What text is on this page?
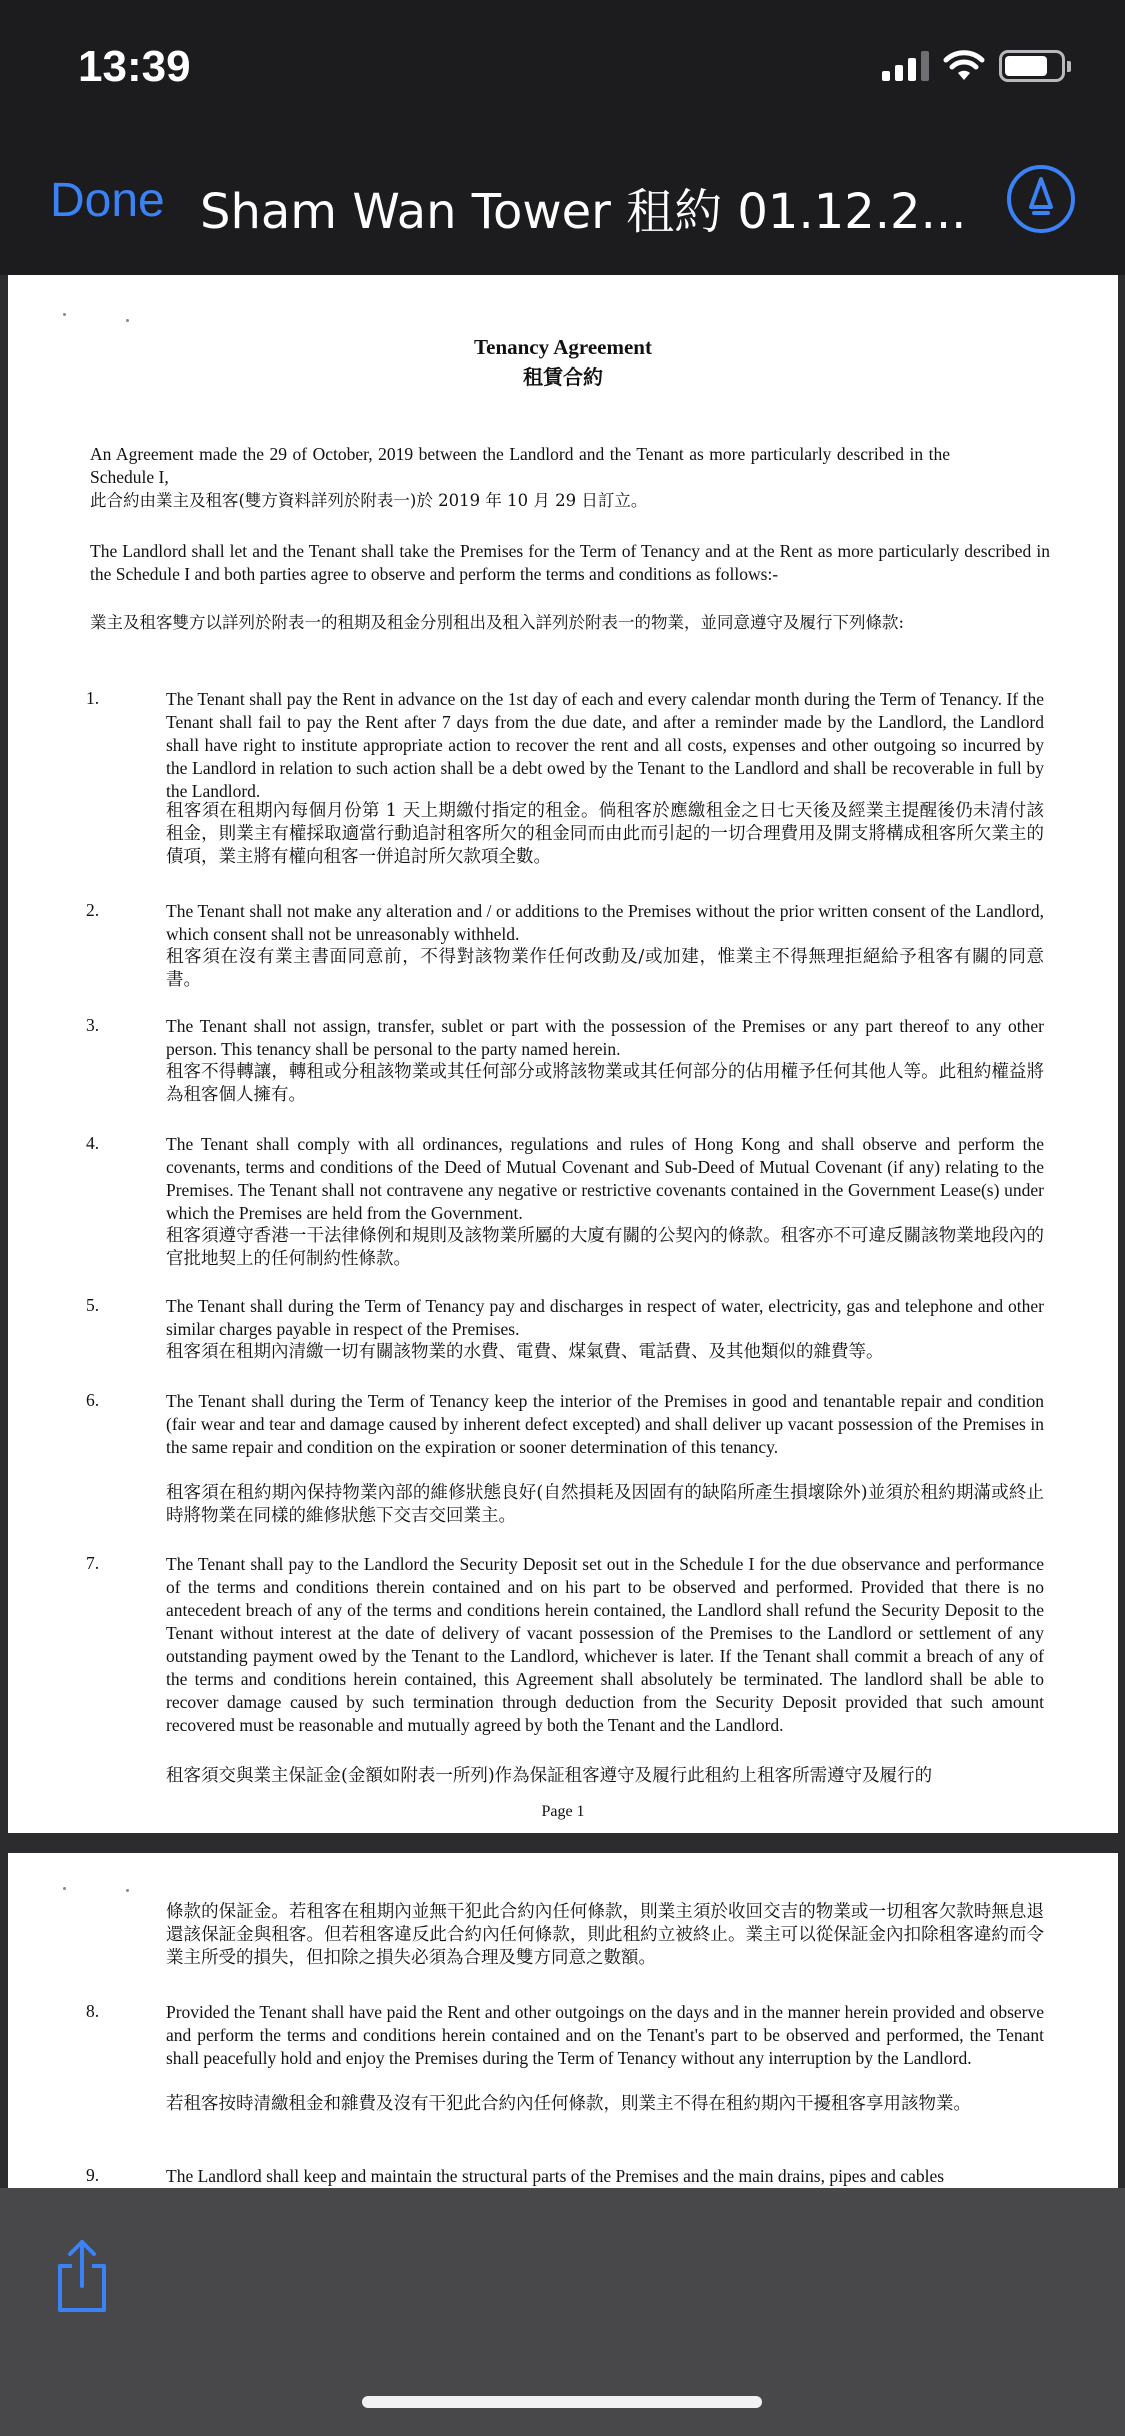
13:39
Done Sham Wan Tower 租約 01.12.2...
Tenancy Agreement
租賃合約
An Agreement made the 29 of October, 2019 between the Landlord and the Tenant as more particularly described in the Schedule I,
此合約由業主及租客(雙方資料詳列於附表一)於 2019 年 10 月 29 日訂立。
The Landlord shall let and the Tenant shall take the Premises for the Term of Tenancy and at the Rent as more particularly described in the Schedule I and both parties agree to observe and perform the terms and conditions as follows:-
業主及租客雙方以詳列於附表一的租期及租金分別租出及租入詳列於附表一的物業，並同意遵守及履行下列條款:
1.	The Tenant shall pay the Rent in advance on the 1st day of each and every calendar month during the Term of Tenancy. If the Tenant shall fail to pay the Rent after 7 days from the due date, and after a reminder made by the Landlord, the Landlord shall have right to institute appropriate action to recover the rent and all costs, expenses and other outgoing so incurred by the Landlord in relation to such action shall be a debt owed by the Tenant to the Landlord and shall be recoverable in full by the Landlord.
租客須在租期內每個月份第 1 天上期繳付指定的租金。倘租客於應繳租金之日七天後及經業主提醒後仍未清付該租金，則業主有權採取適當行動追討租客所欠的租金同而由此而引起的一切合理費用及開支將構成租客所欠業主的債項，業主將有權向租客一併追討所欠款項全數。
2.	The Tenant shall not make any alteration and / or additions to the Premises without the prior written consent of the Landlord, which consent shall not be unreasonably withheld.
租客須在沒有業主書面同意前，不得對該物業作任何改動及/或加建，惟業主不得無理拒絕給予租客有關的同意書。
3.	The Tenant shall not assign, transfer, sublet or part with the possession of the Premises or any part thereof to any other person. This tenancy shall be personal to the party named herein.
租客不得轉讓，轉租或分租該物業或其任何部分或將該物業或其任何部分的佔用權予任何其他人等。此租約權益將為租客個人擁有。
4.	The Tenant shall comply with all ordinances, regulations and rules of Hong Kong and shall observe and perform the covenants, terms and conditions of the Deed of Mutual Covenant and Sub-Deed of Mutual Covenant (if any) relating to the Premises. The Tenant shall not contravene any negative or restrictive covenants contained in the Government Lease(s) under which the Premises are held from the Government.
租客須遵守香港一干法律條例和規則及該物業所屬的大廈有關的公契內的條款。租客亦不可違反關該物業地段內的官批地契上的任何制約性條款。
5.	The Tenant shall during the Term of Tenancy pay and discharges in respect of water, electricity, gas and telephone and other similar charges payable in respect of the Premises.
租客須在租期內清繳一切有關該物業的水費、電費、煤氣費、電話費、及其他類似的雜費等。
6.	The Tenant shall during the Term of Tenancy keep the interior of the Premises in good and tenantable repair and condition (fair wear and tear and damage caused by inherent defect excepted) and shall deliver up vacant possession of the Premises in the same repair and condition on the expiration or sooner determination of this tenancy.
租客須在租約期內保持物業內部的維修狀態良好(自然損耗及因固有的缺陷所產生損壞除外)並須於租約期滿或終止時將物業在同樣的維修狀態下交吉交回業主。
7.	The Tenant shall pay to the Landlord the Security Deposit set out in the Schedule I for the due observance and performance of the terms and conditions therein contained and on his part to be observed and performed. Provided that there is no antecedent breach of any of the terms and conditions herein contained, the Landlord shall refund the Security Deposit to the Tenant without interest at the date of delivery of vacant possession of the Premises to the Landlord or settlement of any outstanding payment owed by the Tenant to the Landlord, whichever is later. If the Tenant shall commit a breach of any of the terms and conditions herein contained, this Agreement shall absolutely be terminated. The landlord shall be able to recover damage caused by such termination through deduction from the Security Deposit provided that such amount recovered must be reasonable and mutually agreed by both the Tenant and the Landlord.
租客須交與業主保証金(金額如附表一所列)作為保証租客遵守及履行此租約上租客所需遵守及履行的
Page 1
條款的保証金。若租客在租期內並無干犯此合約內任何條款，則業主須於收回交吉的物業或一切租客欠款時無息退還該保証金與租客。但若租客違反此合約內任何條款，則此租約立被終止。業主可以從保証金內扣除租客違約而令業主所受的損失，但扣除之損失必須為合理及雙方同意之數額。
8.	Provided the Tenant shall have paid the Rent and other outgoings on the days and in the manner herein provided and observe and perform the terms and conditions herein contained and on the Tenant's part to be observed and performed, the Tenant shall peacefully hold and enjoy the Premises during the Term of Tenancy without any interruption by the Landlord.
若租客按時清繳租金和雜費及沒有干犯此合約內任何條款，則業主不得在租約期內干擾租客享用該物業。
9.	The Landlord shall keep and maintain the structural parts of the Premises and the main drains, pipes and cables
